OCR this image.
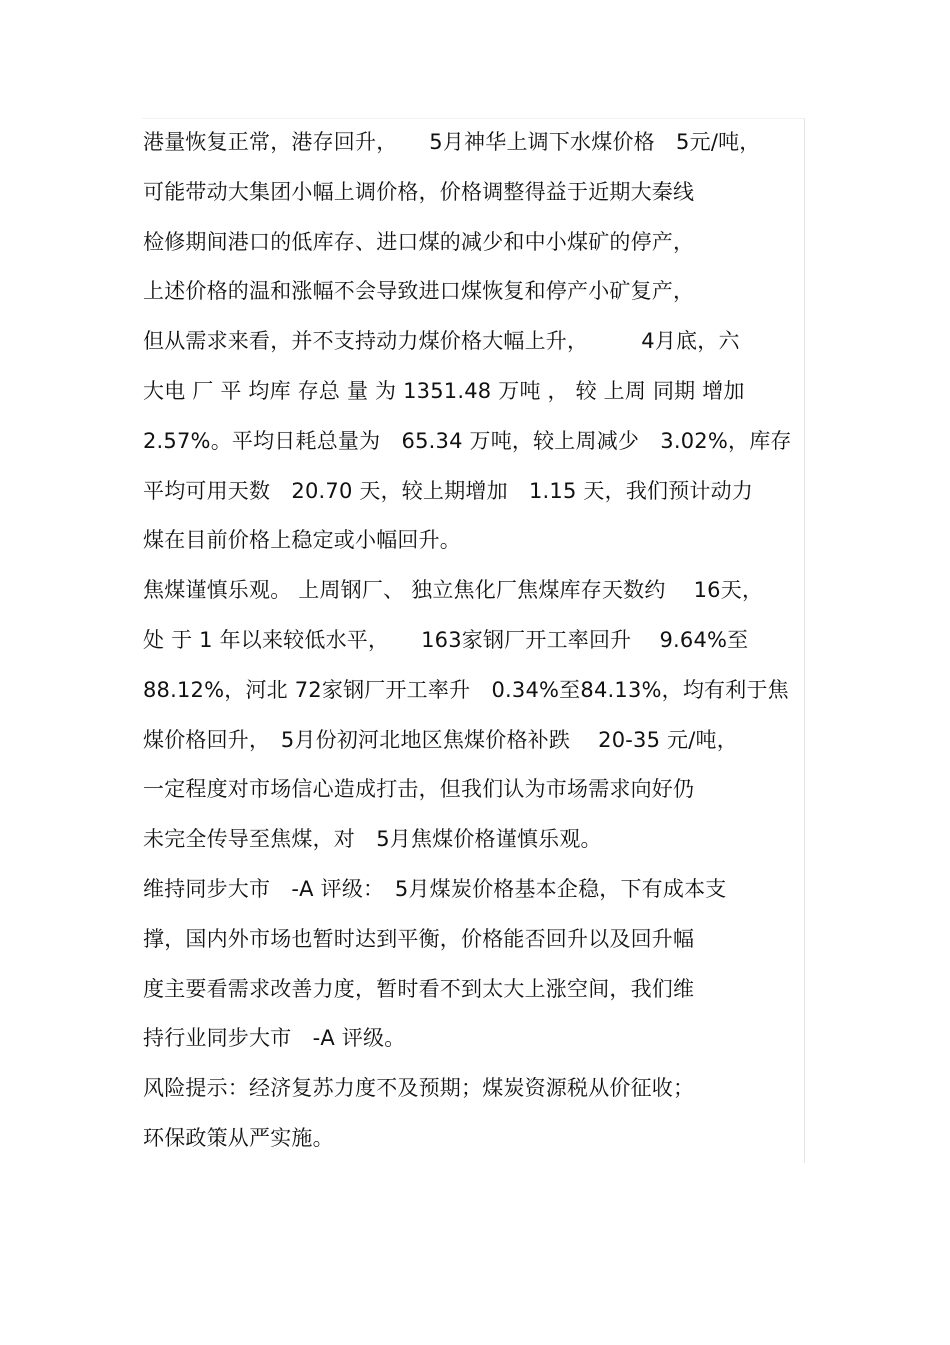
港量恢复正常，港存回升，　　5月神华上调下水煤价格　5元/吨，
可能带动大集团小幅上调价格，价格调整得益于近期大秦线
检修期间港口的低库存、进口煤的减少和中小煤矿的停产，
上述价格的温和涨幅不会导致进口煤恢复和停产小矿复产，
但从需求来看，并不支持动力煤价格大幅上升，　　　4月底，六
大电 厂 平 均库 存总 量 为 1351.48 万吨 ， 较 上周 同期 增加
2.57%。平均日耗总量为　65.34 万吨，较上周减少　3.02%，库存
平均可用天数　20.70 天，较上期增加　1.15 天，我们预计动力
煤在目前价格上稳定或小幅回升。
焦煤谨慎乐观。 上周钢厂、 独立焦化厂焦煤库存天数约　 16天，
处 于 1 年以来较低水平，　　163家钢厂开工率回升　 9.64%至
88.12%，河北 72家钢厂开工率升　0.34%至84.13%，均有利于焦
煤价格回升，　5月份初河北地区焦煤价格补跌　 20-35 元/吨，
一定程度对市场信心造成打击，但我们认为市场需求向好仍
未完全传导至焦煤，对　5月焦煤价格谨慎乐观。
维持同步大市　-A 评级：　5月煤炭价格基本企稳，下有成本支
撑，国内外市场也暂时达到平衡，价格能否回升以及回升幅
度主要看需求改善力度，暂时看不到太大上涨空间，我们维
持行业同步大市　-A 评级。
风险提示：经济复苏力度不及预期；煤炭资源税从价征收；
环保政策从严实施。
